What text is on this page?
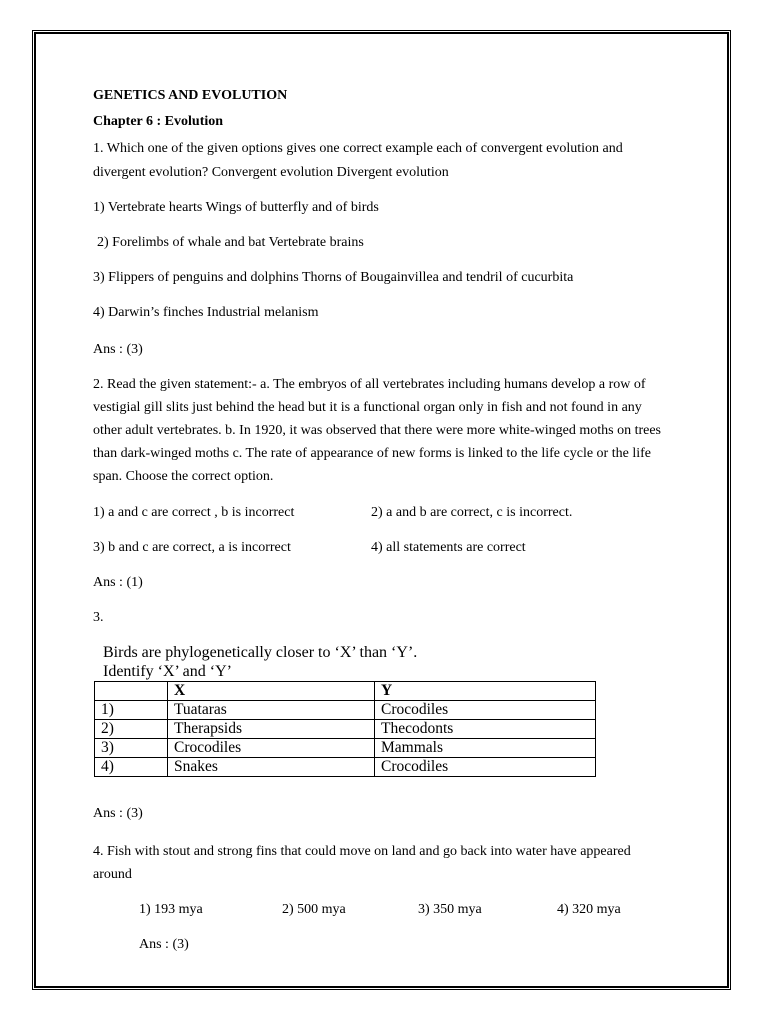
GENETICS AND EVOLUTION
Chapter 6 : Evolution
1. Which one of the given options gives one correct example each of convergent evolution and
divergent evolution? Convergent evolution Divergent evolution
1) Vertebrate hearts Wings of butterfly and of birds
2) Forelimbs of whale and bat Vertebrate brains
3) Flippers of penguins and dolphins Thorns of Bougainvillea and tendril of cucurbita
4) Darwin’s finches Industrial melanism
Ans : (3)
2. Read the given statement:- a. The embryos of all vertebrates including humans develop a row of
vestigial gill slits just behind the head but it is a functional organ only in fish and not found in any
other adult vertebrates. b. In 1920, it was observed that there were more white-winged moths on trees
than dark-winged moths c. The rate of appearance of new forms is linked to the life cycle or the life
span. Choose the correct option.
1) a and c are correct , b is incorrect	2) a and b are correct, c is incorrect.
3) b and c are correct, a is incorrect	4) all statements are correct
Ans : (1)
3.
Birds are phylogenetically closer to ‘X’ than ‘Y’.
Identify ‘X’ and ‘Y’
	X	Y
1)	Tuataras	Crocodiles
2)	Therapsids	Thecodonts
3)	Crocodiles	Mammals
4)	Snakes	Crocodiles
Ans : (3)
4. Fish with stout and strong fins that could move on land and go back into water have appeared
around
1) 193 mya	2) 500 mya	3) 350 mya	4) 320 mya
Ans : (3)
